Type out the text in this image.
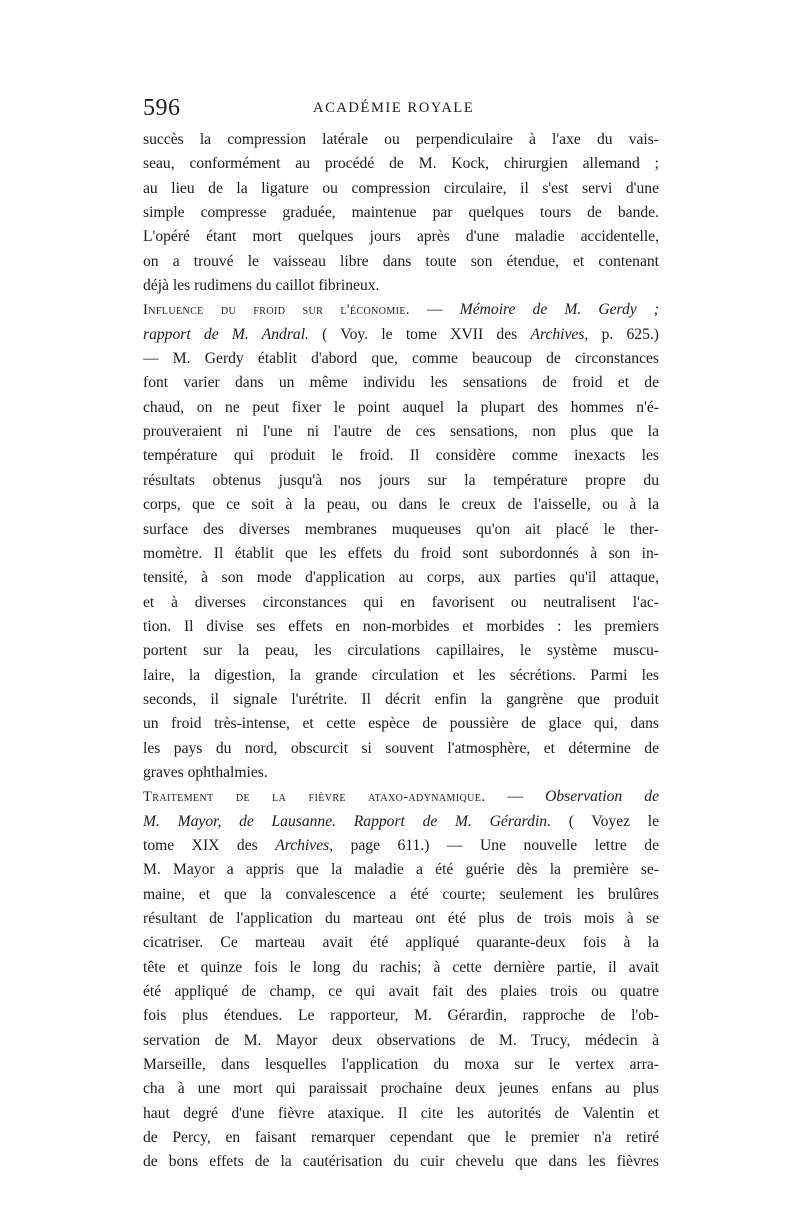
596	ACADÉMIE ROYALE
succès la compression latérale ou perpendiculaire à l'axe du vais-
seau, conformément au procédé de M. Kock, chirurgien allemand ;
au lieu de la ligature ou compression circulaire, il s'est servi d'une
simple compresse graduée, maintenue par quelques tours de bande.
L'opéré étant mort quelques jours après d'une maladie accidentelle,
on a trouvé le vaisseau libre dans toute son étendue, et contenant
déjà les rudimens du caillot fibrineux.
Influence du froid sur l'économie. — Mémoire de M. Gerdy ;
rapport de M. Andral. ( Voy. le tome XVII des Archives, p. 625.)
— M. Gerdy établit d'abord que, comme beaucoup de circonstances
font varier dans un même individu les sensations de froid et de
chaud, on ne peut fixer le point auquel la plupart des hommes n'é-
prouveraient ni l'une ni l'autre de ces sensations, non plus que la
température qui produit le froid. Il considère comme inexacts les
résultats obtenus jusqu'à nos jours sur la température propre du
corps, que ce soit à la peau, ou dans le creux de l'aisselle, ou à la
surface des diverses membranes muqueuses qu'on ait placé le ther-
momètre. Il établit que les effets du froid sont subordonnés à son in-
tensité, à son mode d'application au corps, aux parties qu'il attaque,
et à diverses circonstances qui en favorisent ou neutralisent l'ac-
tion. Il divise ses effets en non-morbides et morbides : les premiers
portent sur la peau, les circulations capillaires, le système muscu-
laire, la digestion, la grande circulation et les sécrétions. Parmi les
seconds, il signale l'urétrite. Il décrit enfin la gangrène que produit
un froid très-intense, et cette espèce de poussière de glace qui, dans
les pays du nord, obscurcit si souvent l'atmosphère, et détermine de
graves ophthalmies.
Traitement de la fièvre ataxo-adynamique. — Observation de
M. Mayor, de Lausanne. Rapport de M. Gérardin. ( Voyez le
tome XIX des Archives, page 611.) — Une nouvelle lettre de
M. Mayor a appris que la maladie a été guérie dès la première se-
maine, et que la convalescence a été courte; seulement les brulûres
résultant de l'application du marteau ont été plus de trois mois à se
cicatriser. Ce marteau avait été appliqué quarante-deux fois à la
tête et quinze fois le long du rachis; à cette dernière partie, il avait
été appliqué de champ, ce qui avait fait des plaies trois ou quatre
fois plus étendues. Le rapporteur, M. Gérardin, rapproche de l'ob-
servation de M. Mayor deux observations de M. Trucy, médecin à
Marseille, dans lesquelles l'application du moxa sur le vertex arra-
cha à une mort qui paraissait prochaine deux jeunes enfans au plus
haut degré d'une fièvre ataxique. Il cite les autorités de Valentin et
de Percy, en faisant remarquer cependant que le premier n'a retiré
de bons effets de la cautérisation du cuir chevelu que dans les fièvres
